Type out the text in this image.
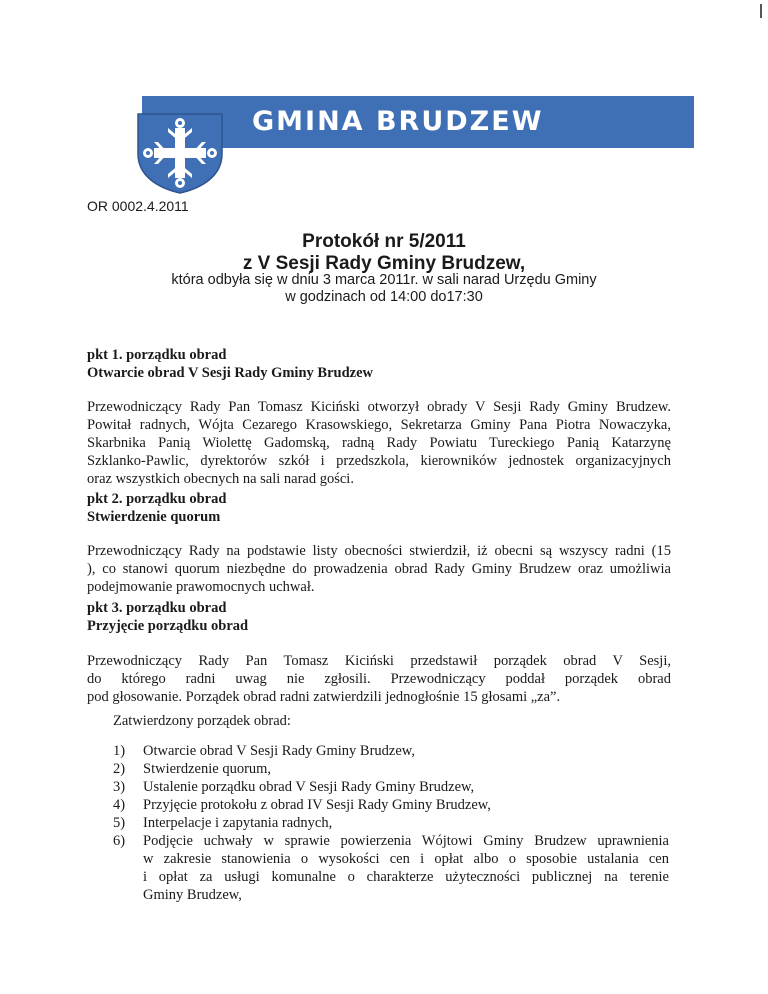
GMINA BRUDZEW
OR 0002.4.2011
Protokół nr 5/2011
z V Sesji Rady Gminy Brudzew,
która odbyła się w dniu 3 marca 2011r. w sali narad Urzędu Gminy
w godzinach od 14:00 do17:30
pkt 1. porządku obrad
Otwarcie obrad V Sesji Rady Gminy Brudzew
Przewodniczący Rady Pan Tomasz Kiciński otworzył obrady V Sesji Rady Gminy Brudzew.
Powitał radnych, Wójta Cezarego Krasowskiego, Sekretarza Gminy Pana Piotra Nowaczyka,
Skarbnika Panią Wiolettę Gadomską, radną Rady Powiatu Tureckiego Panią Katarzynę
Szklanko-Pawlic, dyrektorów szkół i przedszkola, kierowników jednostek organizacyjnych
oraz wszystkich obecnych na sali narad gości.
pkt 2. porządku obrad
Stwierdzenie quorum
Przewodniczący Rady na podstawie listy obecności stwierdził, iż obecni są wszyscy radni (15
), co stanowi quorum niezbędne do prowadzenia obrad Rady Gminy Brudzew oraz umożliwia
podejmowanie prawomocnych uchwał.
pkt 3. porządku obrad
Przyjęcie porządku obrad
Przewodniczący Rady Pan Tomasz Kiciński przedstawił porządek obrad V Sesji,
do którego radni uwag nie zgłosili. Przewodniczący poddał porządek obrad
pod głosowanie. Porządek obrad radni zatwierdzili jednogłośnie 15 głosami „za”.
Zatwierdzony porządek obrad:
1)	Otwarcie obrad V Sesji Rady Gminy Brudzew,
2)	Stwierdzenie quorum,
3)	Ustalenie porządku obrad V Sesji Rady Gminy Brudzew,
4)	Przyjęcie protokołu z obrad IV Sesji Rady Gminy Brudzew,
5)	Interpelacje i zapytania radnych,
6)	Podjęcie uchwały w sprawie powierzenia Wójtowi Gminy Brudzew uprawnienia
w zakresie stanowienia o wysokości cen i opłat albo o sposobie ustalania cen
i opłat za usługi komunalne o charakterze użyteczności publicznej na terenie
Gminy Brudzew,
